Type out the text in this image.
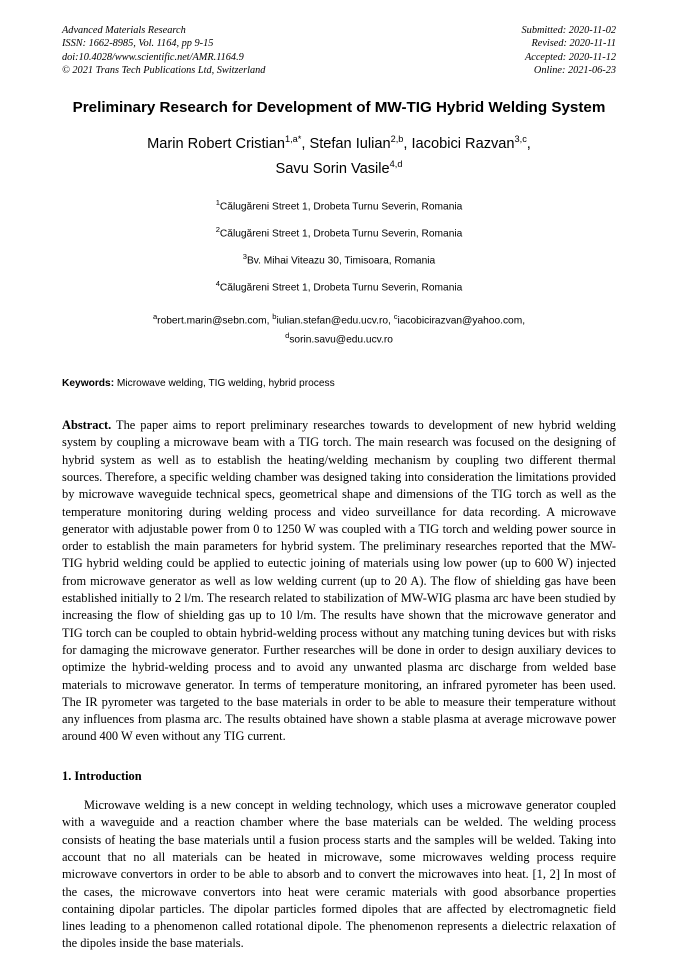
Advanced Materials Research
ISSN: 1662-8985, Vol. 1164, pp 9-15
doi:10.4028/www.scientific.net/AMR.1164.9
© 2021 Trans Tech Publications Ltd, Switzerland
Submitted: 2020-11-02
Revised: 2020-11-11
Accepted: 2020-11-12
Online: 2021-06-23
Preliminary Research for Development of MW-TIG Hybrid Welding System
Marin Robert Cristian$^{1,a*}$, Stefan Iulian$^{2,b}$, Iacobici Razvan$^{3,c}$,
Savu Sorin Vasile$^{4,d}$
$^1$Călugăreni Street 1, Drobeta Turnu Severin, Romania
$^2$Călugăreni Street 1, Drobeta Turnu Severin, Romania
$^3$Bv. Mihai Viteazu 30, Timisoara, Romania
$^4$Călugăreni Street 1, Drobeta Turnu Severin, Romania
$^a$robert.marin@sebn.com, $^b$iulian.stefan@edu.ucv.ro, $^c$iacobicirazvan@yahoo.com,
$^d$sorin.savu@edu.ucv.ro
Keywords: Microwave welding, TIG welding, hybrid process
Abstract. The paper aims to report preliminary researches towards to development of new hybrid welding system by coupling a microwave beam with a TIG torch. The main research was focused on the designing of hybrid system as well as to establish the heating/welding mechanism by coupling two different thermal sources. Therefore, a specific welding chamber was designed taking into consideration the limitations provided by microwave waveguide technical specs, geometrical shape and dimensions of the TIG torch as well as the temperature monitoring during welding process and video surveillance for data recording. A microwave generator with adjustable power from 0 to 1250 W was coupled with a TIG torch and welding power source in order to establish the main parameters for hybrid system. The preliminary researches reported that the MW-TIG hybrid welding could be applied to eutectic joining of materials using low power (up to 600 W) injected from microwave generator as well as low welding current (up to 20 A). The flow of shielding gas have been established initially to 2 l/m. The research related to stabilization of MW-WIG plasma arc have been studied by increasing the flow of shielding gas up to 10 l/m. The results have shown that the microwave generator and TIG torch can be coupled to obtain hybrid-welding process without any matching tuning devices but with risks for damaging the microwave generator. Further researches will be done in order to design auxiliary devices to optimize the hybrid-welding process and to avoid any unwanted plasma arc discharge from welded base materials to microwave generator. In terms of temperature monitoring, an infrared pyrometer has been used. The IR pyrometer was targeted to the base materials in order to be able to measure their temperature without any influences from plasma arc. The results obtained have shown a stable plasma at average microwave power around 400 W even without any TIG current.
1. Introduction

Microwave welding is a new concept in welding technology, which uses a microwave generator coupled with a waveguide and a reaction chamber where the base materials can be welded. The welding process consists of heating the base materials until a fusion process starts and the samples will be welded. Taking into account that no all materials can be heated in microwave, some microwaves welding process require microwave convertors in order to be able to absorb and to convert the microwaves into heat. [1, 2] In most of the cases, the microwave convertors into heat were ceramic materials with good absorbance properties containing dipolar particles. The dipolar particles formed dipoles that are affected by electromagnetic field lines leading to a phenomenon called rotational dipole. The phenomenon represents a dielectric relaxation of the dipoles inside the base materials.
